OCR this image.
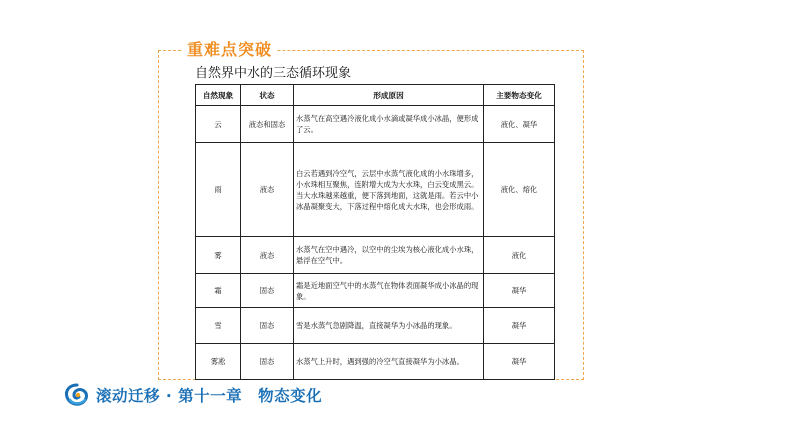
重难点突破
自然界中水的三态循环现象
自然现象	状态	形成原因	主要物态变化
云	液态和固态	水蒸气在高空遇冷液化成小水滴或凝华成小冰晶，便形成了云。	液化、凝华
雨	液态	白云若遇到冷空气，云层中水蒸气液化成的小水珠增多，小水珠相互聚焦，连附增大成为大水珠，白云变成黑云。当大水珠越来越重，便下落到地面，这就是雨。若云中小冰晶凝聚变大，下落过程中熔化成大水珠，也会形成雨。	液化、熔化
雾	液态	水蒸气在空中遇冷，以空中的尘埃为核心液化成小水珠，悬浮在空气中。	液化
霜	固态	霜是近地面空气中的水蒸气在物体表面凝华成小冰晶的现象。	凝华
雪	固态	雪是水蒸气急剧降温，直接凝华为小冰晶的现象。	凝华
雾凇	固态	水蒸气上升时，遇到强的冷空气直接凝华为小冰晶。	凝华
滚动迁移 · 第十一章　物态变化
